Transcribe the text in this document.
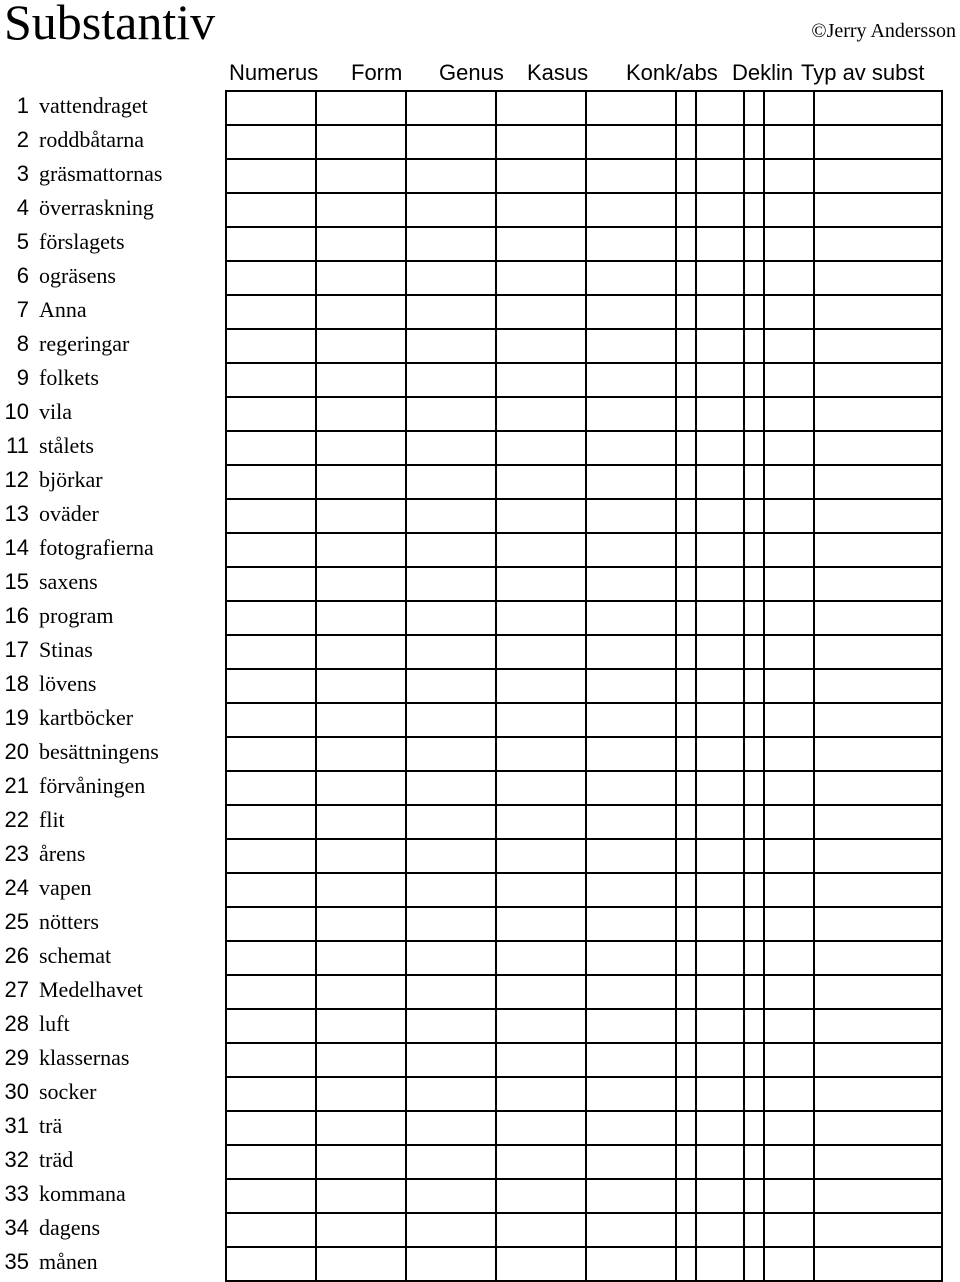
Substantiv	©Jerry Andersson
Numerus	Form	Genus	Kasus	Konk/abs Deklin Typ av subst
1 vattendraget
2 roddbåtarna
3 gräsmattornas
4 överraskning
5 förslagets
6 ogräsens
7 Anna
8 regeringar
9 folkets
10 vila
11 stålets
12 björkar
13 oväder
14 fotografierna
15 saxens
16 program
17 Stinas
18 lövens
19 kartböcker
20 besättningens
21 förvåningen
22 flit
23 årens
24 vapen
25 nötters
26 schemat
27 Medelhavet
28 luft
29 klassernas
30 socker
31 trä
32 träd
33 kommana
34 dagens
35 månen
